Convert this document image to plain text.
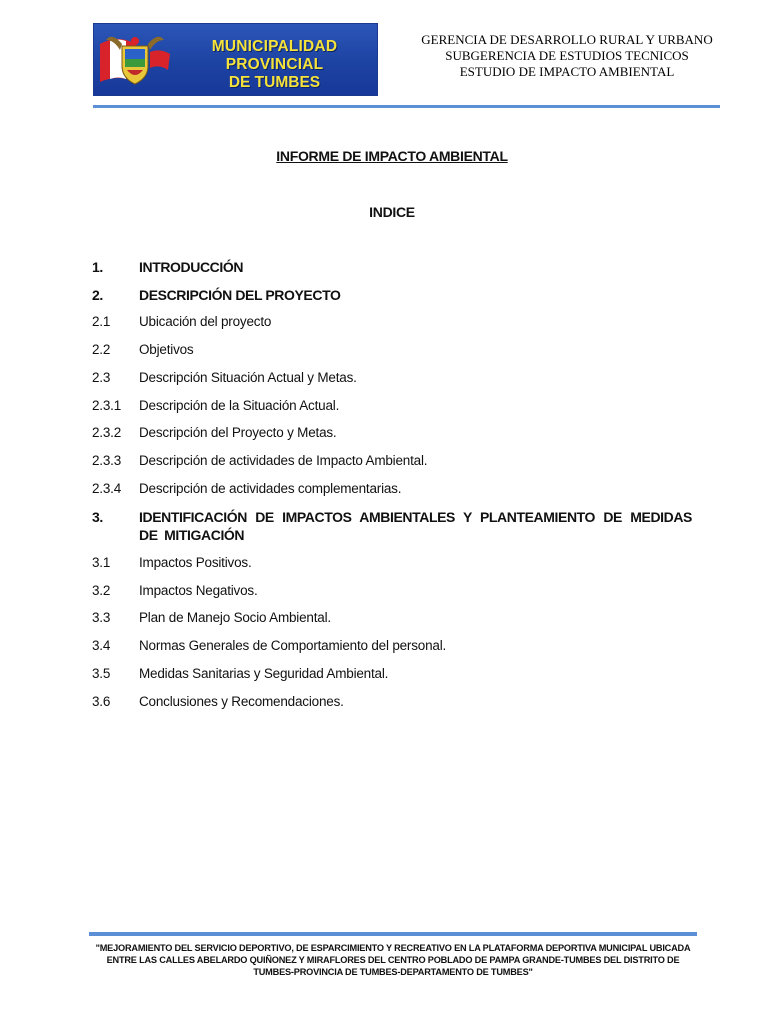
MUNICIPALIDAD PROVINCIAL
DE TUMBES
GERENCIA DE DESARROLLO RURAL Y URBANO
SUBGERENCIA DE ESTUDIOS TECNICOS
ESTUDIO DE IMPACTO AMBIENTAL
INFORME DE IMPACTO AMBIENTAL
INDICE
1.	INTRODUCCIÓN
2.	DESCRIPCIÓN DEL PROYECTO
2.1 Ubicación del proyecto
2.2 Objetivos
2.3 Descripción Situación Actual y Metas.
2.3.1 Descripción de la Situación Actual.
2.3.2 Descripción del Proyecto y Metas.
2.3.3 Descripción de actividades de Impacto Ambiental.
2.3.4 Descripción de actividades complementarias.
3.	IDENTIFICACIÓN DE IMPACTOS AMBIENTALES Y PLANTEAMIENTO DE MEDIDAS DE MITIGACIÓN
3.1 Impactos Positivos.
3.2 Impactos Negativos.
3.3 Plan de Manejo Socio Ambiental.
3.4 Normas Generales de Comportamiento del personal.
3.5 Medidas Sanitarias y Seguridad Ambiental.
3.6 Conclusiones y Recomendaciones.
"MEJORAMIENTO DEL SERVICIO DEPORTIVO, DE ESPARCIMIENTO Y RECREATIVO EN LA PLATAFORMA DEPORTIVA MUNICIPAL UBICADA ENTRE LAS CALLES ABELARDO QUIÑONEZ Y MIRAFLORES DEL CENTRO POBLADO DE PAMPA GRANDE-TUMBES DEL DISTRITO DE TUMBES-PROVINCIA DE TUMBES-DEPARTAMENTO DE TUMBES"
